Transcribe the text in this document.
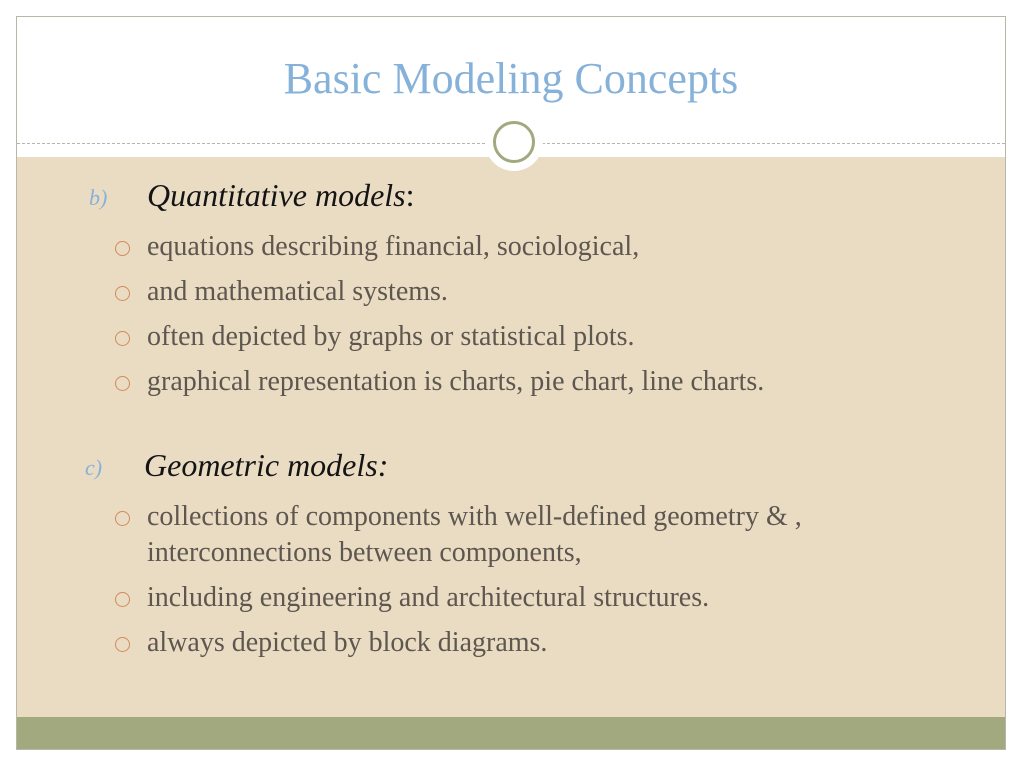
Basic Modeling Concepts
b) Quantitative models:
equations describing financial, sociological,
and mathematical systems.
often depicted by graphs or statistical plots.
graphical representation is charts, pie chart, line charts.
c) Geometric models:
collections of components with well-defined geometry & , interconnections between components,
including engineering and architectural structures.
always depicted by block diagrams.
